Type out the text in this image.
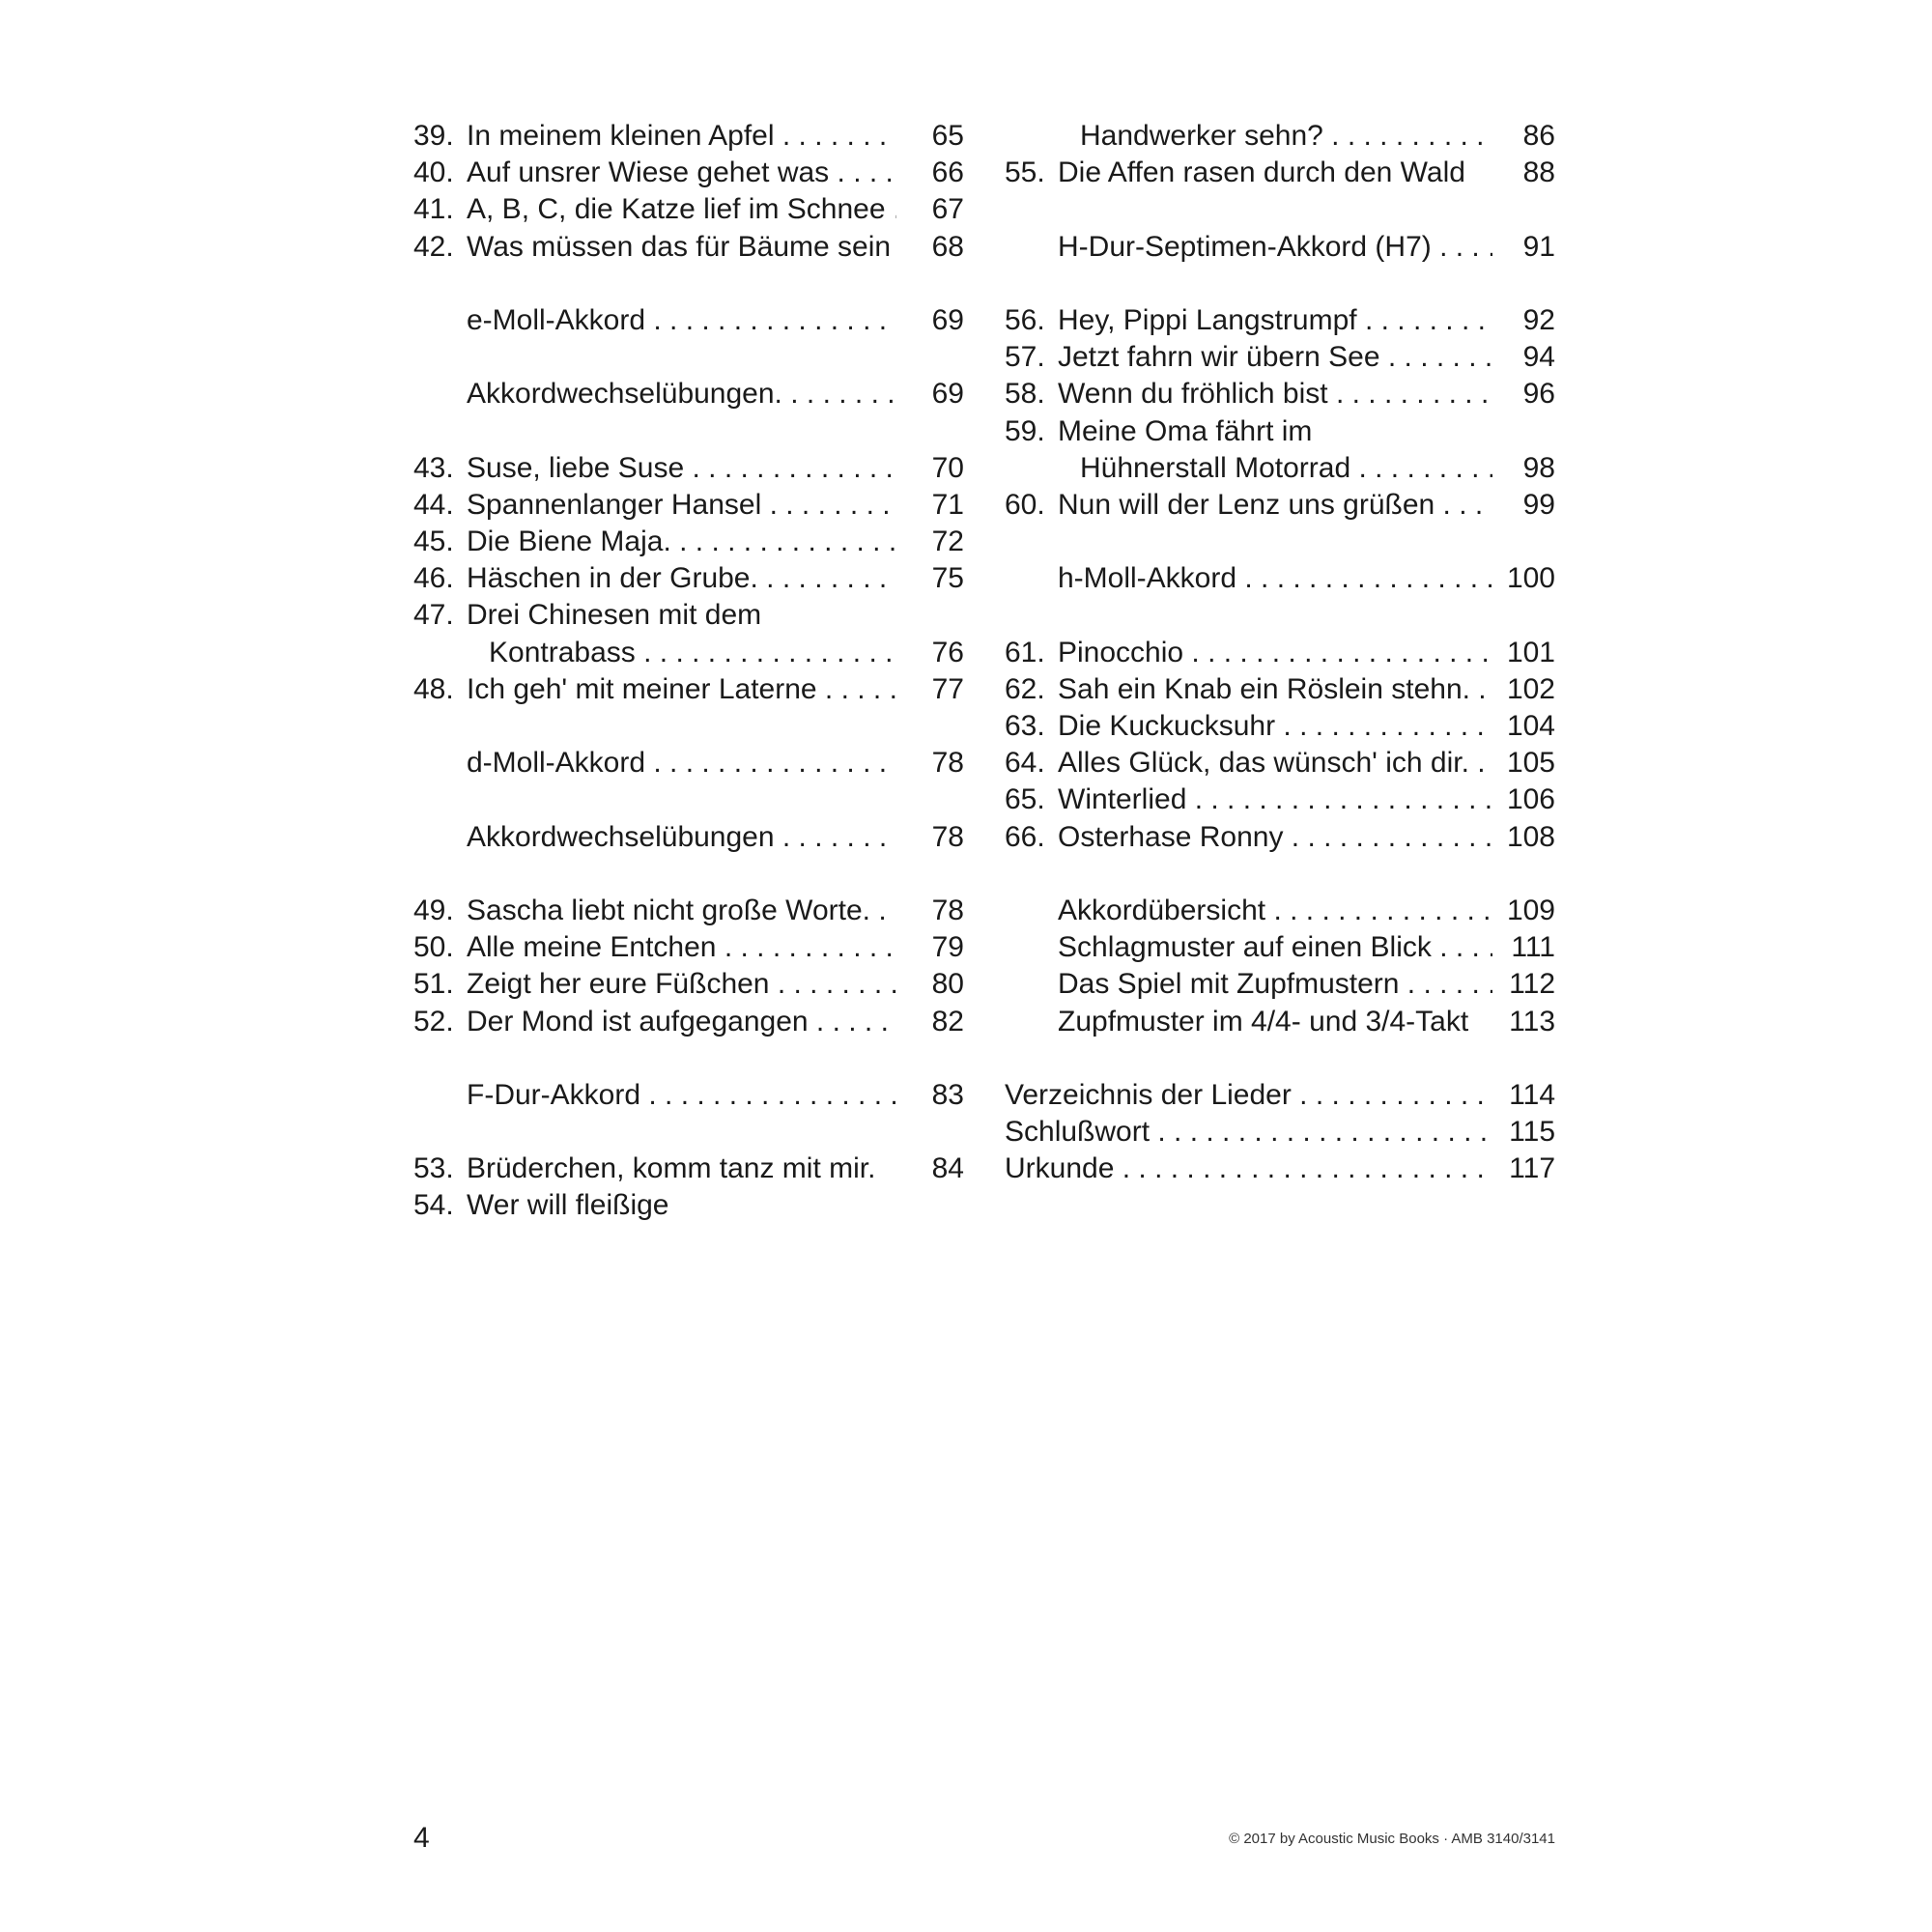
39. In meinem kleinen Apfel . . .	65
40. Auf unsrer Wiese gehet was . . .	66
41. A, B, C, die Katze lief im Schnee . . .	67
42. Was müssen das für Bäume sein 68
e-Moll-Akkord . . .	69
Akkordwechselübungen. . . .	69
43. Suse, liebe Suse . . .	70
44. Spannenlanger Hansel . . .	71
45. Die Biene Maja. . . .	72
46. Häschen in der Grube. . . .	75
47. Drei Chinesen mit dem
Kontrabass . . .	76
48. Ich geh' mit meiner Laterne . . .	77
d-Moll-Akkord . . .	78
Akkordwechselübungen . . .	78
49. Sascha liebt nicht große Worte. . . .	78
50. Alle meine Entchen . . .	79
51. Zeigt her eure Füßchen . . .	80
52. Der Mond ist aufgegangen . . .	82
F-Dur-Akkord . . .	83
53. Brüderchen, komm tanz mit mir.	84
54. Wer will fleißige
Handwerker sehn? . . .	86
55. Die Affen rasen durch den Wald	88
H-Dur-Septimen-Akkord (H7) . . .	91
56. Hey, Pippi Langstrumpf . . .	92
57. Jetzt fahrn wir übern See . . .	94
58. Wenn du fröhlich bist . . .	96
59. Meine Oma fährt im
Hühnerstall Motorrad . . .	98
60. Nun will der Lenz uns grüßen . . .	99
h-Moll-Akkord . . .	100
61. Pinocchio . . .	101
62. Sah ein Knab ein Röslein stehn. . . .	102
63. Die Kuckucksuhr . . .	104
64. Alles Glück, das wünsch' ich dir. . . .	105
65. Winterlied . . .	106
66. Osterhase Ronny . . .	108
Akkordübersicht . . .	109
Schlagmuster auf einen Blick . . .	111
Das Spiel mit Zupfmustern . . .	112
Zupfmuster im 4/4- und 3/4-Takt	113
Verzeichnis der Lieder . . .	114
Schlußwort . . .	115
Urkunde . . .	117
4	© 2017 by Acoustic Music Books · AMB 3140/3141
